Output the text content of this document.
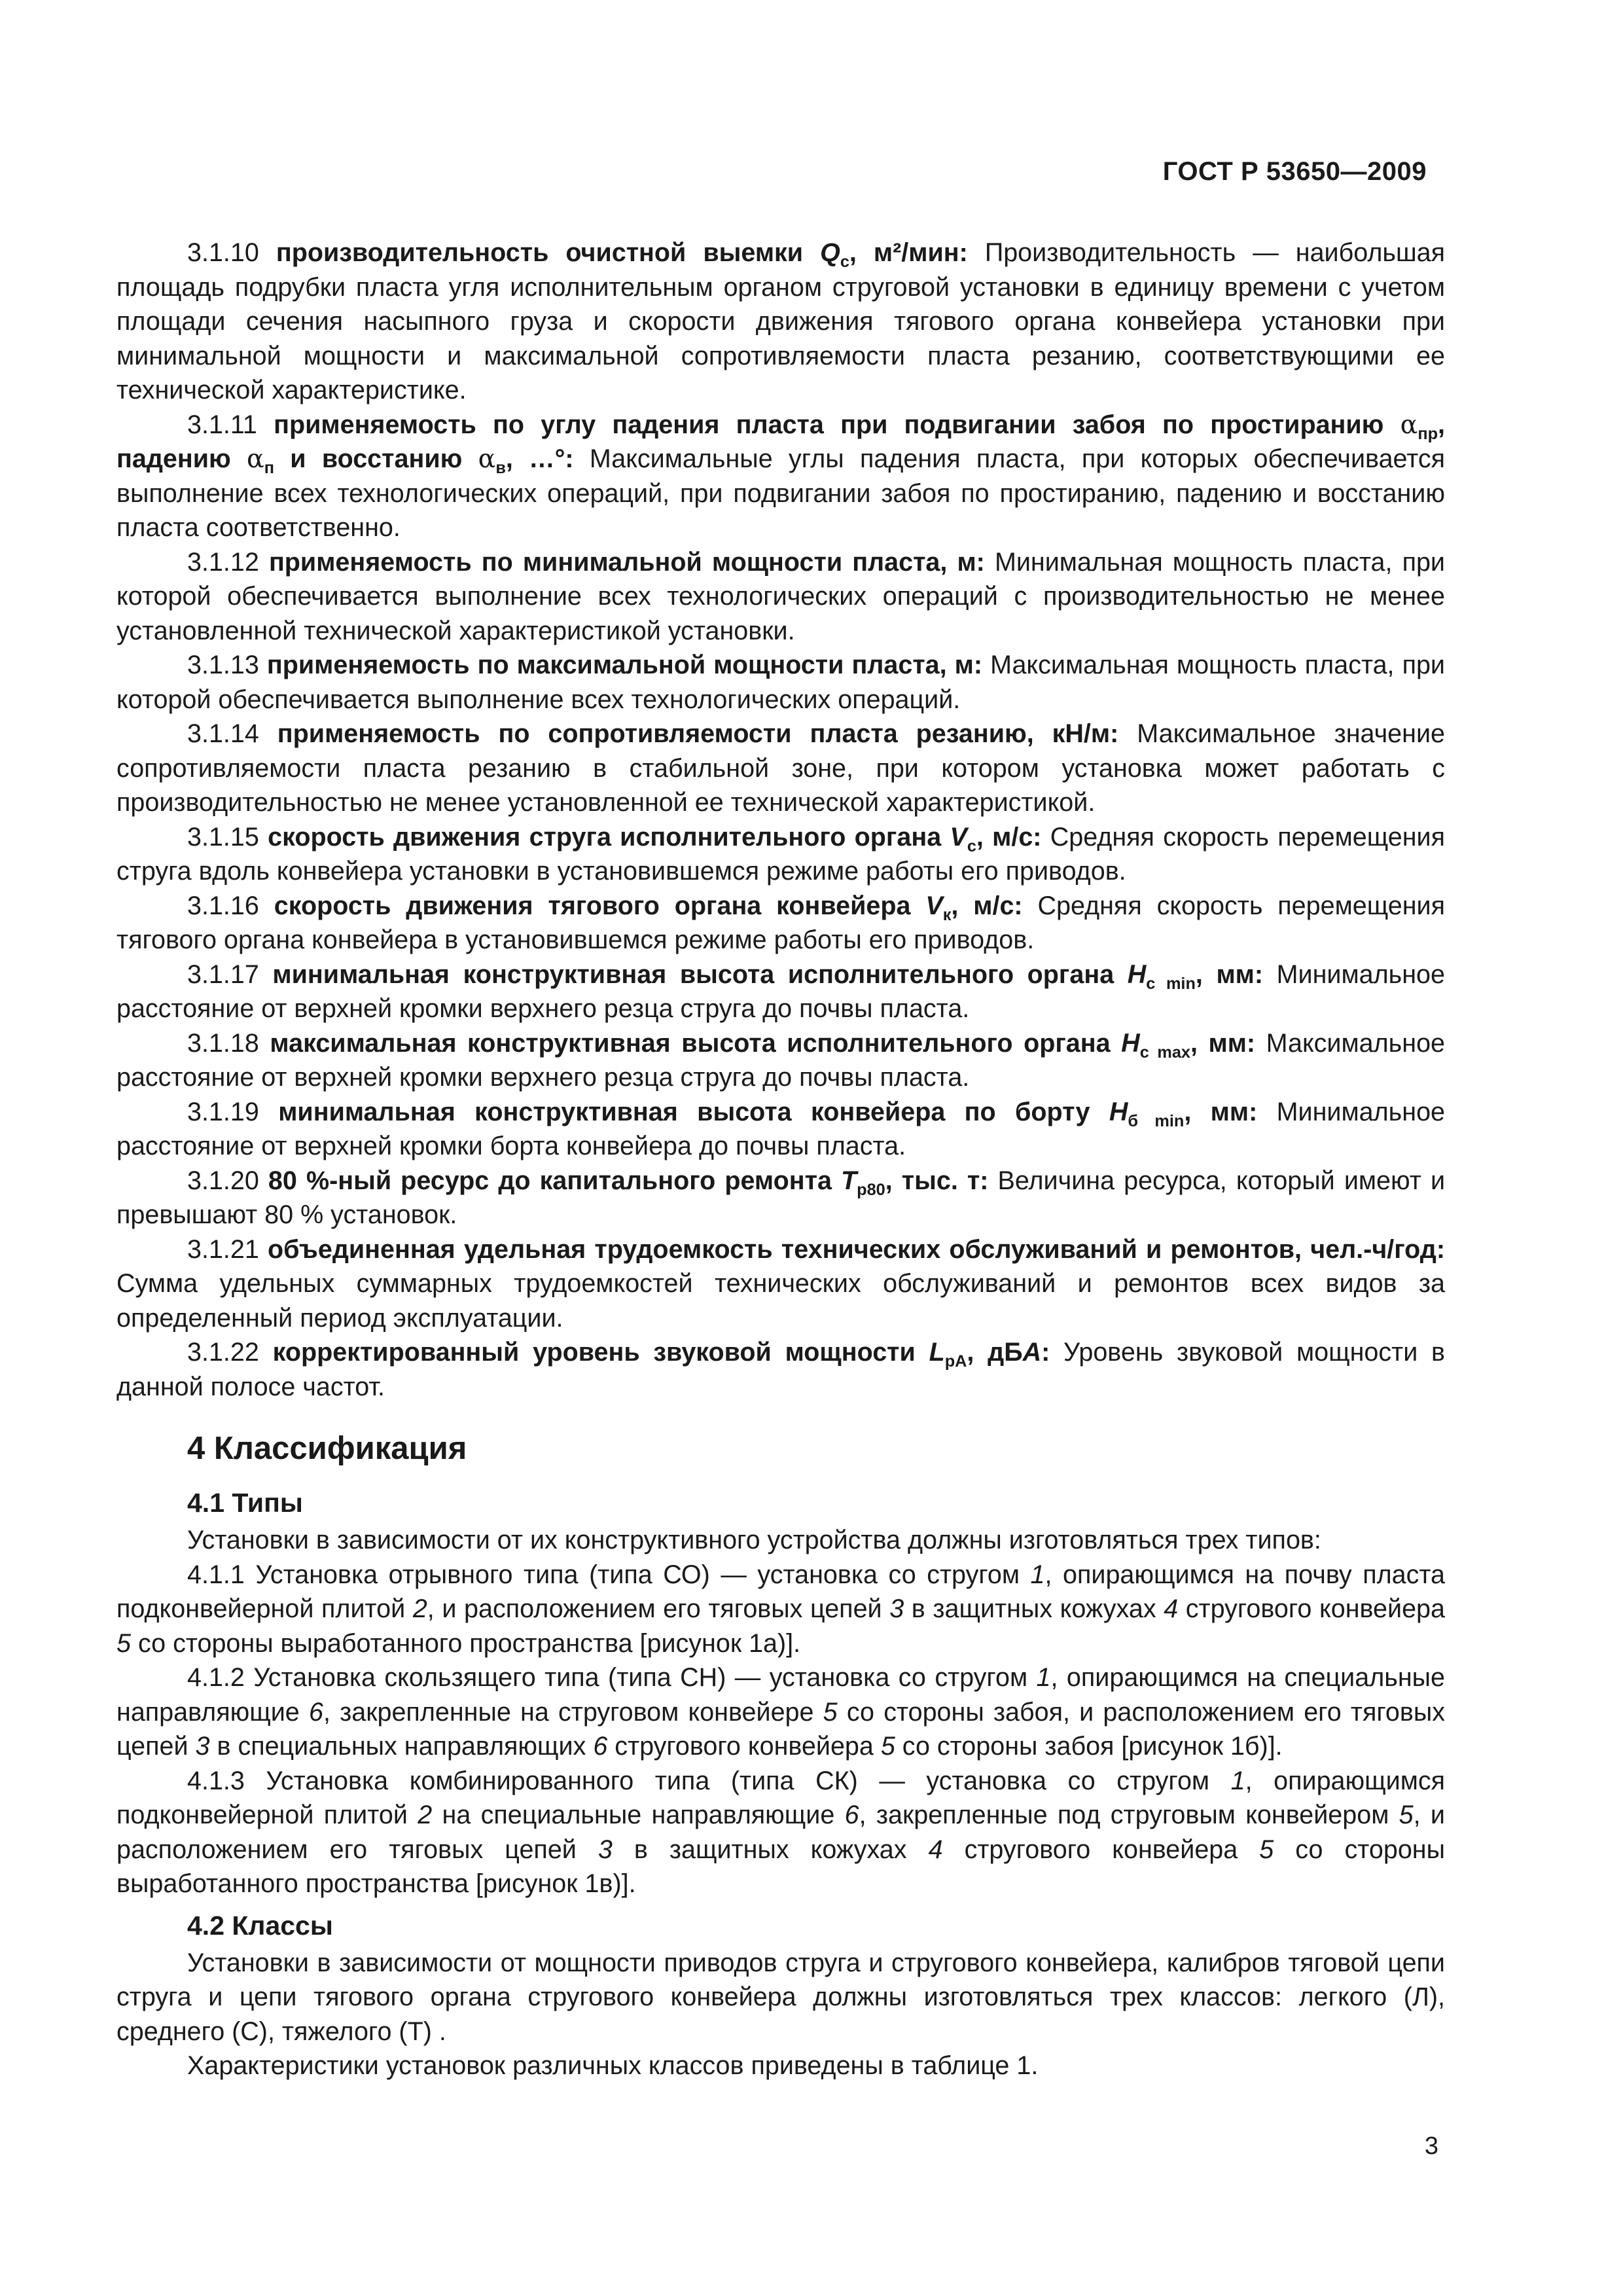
ГОСТ Р 53650—2009

3.1.10 производительность очистной выемки $Q_c$, м²/мин: Производительность — наибольшая площадь подрубки пласта угля исполнительным органом струговой установки в единицу времени с учетом площади сечения насыпного груза и скорости движения тягового органа конвейера установки при минимальной мощности и максимальной сопротивляемости пласта резанию, соответствующими ее технической характеристике.

3.1.11 применяемость по углу падения пласта при подвигании забоя по простиранию $\alpha_{пр}$, падению $\alpha_п$ и восстанию $\alpha_в$, …°: Максимальные углы падения пласта, при которых обеспечивается выполнение всех технологических операций, при подвигании забоя по простиранию, падению и восстанию пласта соответственно.

3.1.12 применяемость по минимальной мощности пласта, м: Минимальная мощность пласта, при которой обеспечивается выполнение всех технологических операций с производительностью не менее установленной технической характеристикой установки.

3.1.13 применяемость по максимальной мощности пласта, м: Максимальная мощность пласта, при которой обеспечивается выполнение всех технологических операций.

3.1.14 применяемость по сопротивляемости пласта резанию, кН/м: Максимальное значение сопротивляемости пласта резанию в стабильной зоне, при котором установка может работать с производительностью не менее установленной ее технической характеристикой.

3.1.15 скорость движения струга исполнительного органа $V_c$, м/с: Средняя скорость перемещения струга вдоль конвейера установки в установившемся режиме работы его приводов.

3.1.16 скорость движения тягового органа конвейера $V_к$, м/с: Средняя скорость перемещения тягового органа конвейера в установившемся режиме работы его приводов.

3.1.17 минимальная конструктивная высота исполнительного органа $H_{c min}$, мм: Минимальное расстояние от верхней кромки верхнего резца струга до почвы пласта.

3.1.18 максимальная конструктивная высота исполнительного органа $H_{c max}$, мм: Максимальное расстояние от верхней кромки верхнего резца струга до почвы пласта.

3.1.19 минимальная конструктивная высота конвейера по борту $H_{б min}$, мм: Минимальное расстояние от верхней кромки борта конвейера до почвы пласта.

3.1.20 80 %-ный ресурс до капитального ремонта $T_{p80}$, тыс. т: Величина ресурса, который имеют и превышают 80 % установок.

3.1.21 объединенная удельная трудоемкость технических обслуживаний и ремонтов, чел.-ч/год: Сумма удельных суммарных трудоемкостей технических обслуживаний и ремонтов всех видов за определенный период эксплуатации.

3.1.22 корректированный уровень звуковой мощности $L_{pA}$, дБA: Уровень звуковой мощности в данной полосе частот.

4 Классификация
4.1 Типы

Установки в зависимости от их конструктивного устройства должны изготовляться трех типов:

4.1.1 Установка отрывного типа (типа СО) — установка со стругом 1, опирающимся на почву пласта подконвейерной плитой 2, и расположением его тяговых цепей 3 в защитных кожухах 4 стругового конвейера 5 со стороны выработанного пространства [рисунок 1а)].

4.1.2 Установка скользящего типа (типа СН) — установка со стругом 1, опирающимся на специальные направляющие 6, закрепленные на струговом конвейере 5 со стороны забоя, и расположением его тяговых цепей 3 в специальных направляющих 6 стругового конвейера 5 со стороны забоя [рисунок 1б)].

4.1.3 Установка комбинированного типа (типа СК) — установка со стругом 1, опирающимся подконвейерной плитой 2 на специальные направляющие 6, закрепленные под струговым конвейером 5, и расположением его тяговых цепей 3 в защитных кожухах 4 стругового конвейера 5 со стороны выработанного пространства [рисунок 1в)].

4.2 Классы

Установки в зависимости от мощности приводов струга и стругового конвейера, калибров тяговой цепи струга и цепи тягового органа стругового конвейера должны изготовляться трех классов: легкого (Л), среднего (С), тяжелого (Т) .

Характеристики установок различных классов приведены в таблице 1.

3
